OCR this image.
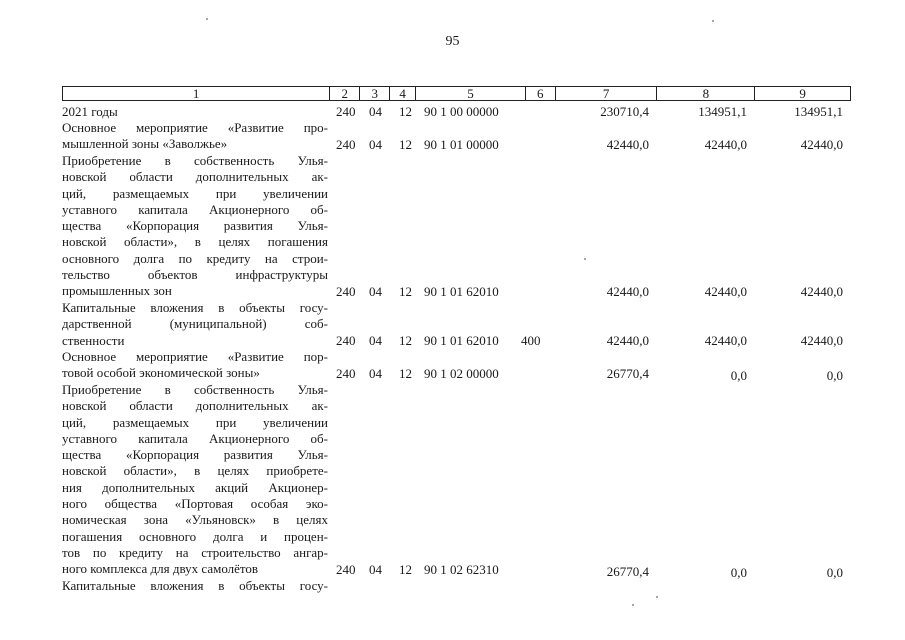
95
1	2	3	4	5	6	7	8	9
2021 годы	240 04 12 90 1 00 00000	230710,4	134951,1	134951,1
Основное мероприятие «Развитие про-
мышленной зоны «Заволжье»	240 04 12 90 1 01 00000	42440,0	42440,0	42440,0
Приобретение в собственность Улья-
новской области дополнительных ак-
ций, размещаемых при увеличении
уставного капитала Акционерного об-
щества «Корпорация развития Улья-
новской области», в целях погашения
основного долга по кредиту на строи-
тельство объектов инфраструктуры
промышленных зон	240 04 12 90 1 01 62010	42440,0	42440,0	42440,0
Капитальные вложения в объекты госу-
дарственной (муниципальной) соб-
ственности	240 04 12 90 1 01 62010 400	42440,0	42440,0	42440,0
Основное мероприятие «Развитие пор-
товой особой экономической зоны»	240 04 12 90 1 02 00000	26770,4	0,0	0,0
Приобретение в собственность Улья-
новской области дополнительных ак-
ций, размещаемых при увеличении
уставного капитала Акционерного об-
щества «Корпорация развития Улья-
новской области», в целях приобрете-
ния дополнительных акций Акционер-
ного общества «Портовая особая эко-
номическая зона «Ульяновск» в целях
погашения основного долга и процен-
тов по кредиту на строительство ангар-
ного комплекса для двух самолётов	240 04 12 90 1 02 62310	26770,4	0,0	0,0
Капитальные вложения в объекты госу-
